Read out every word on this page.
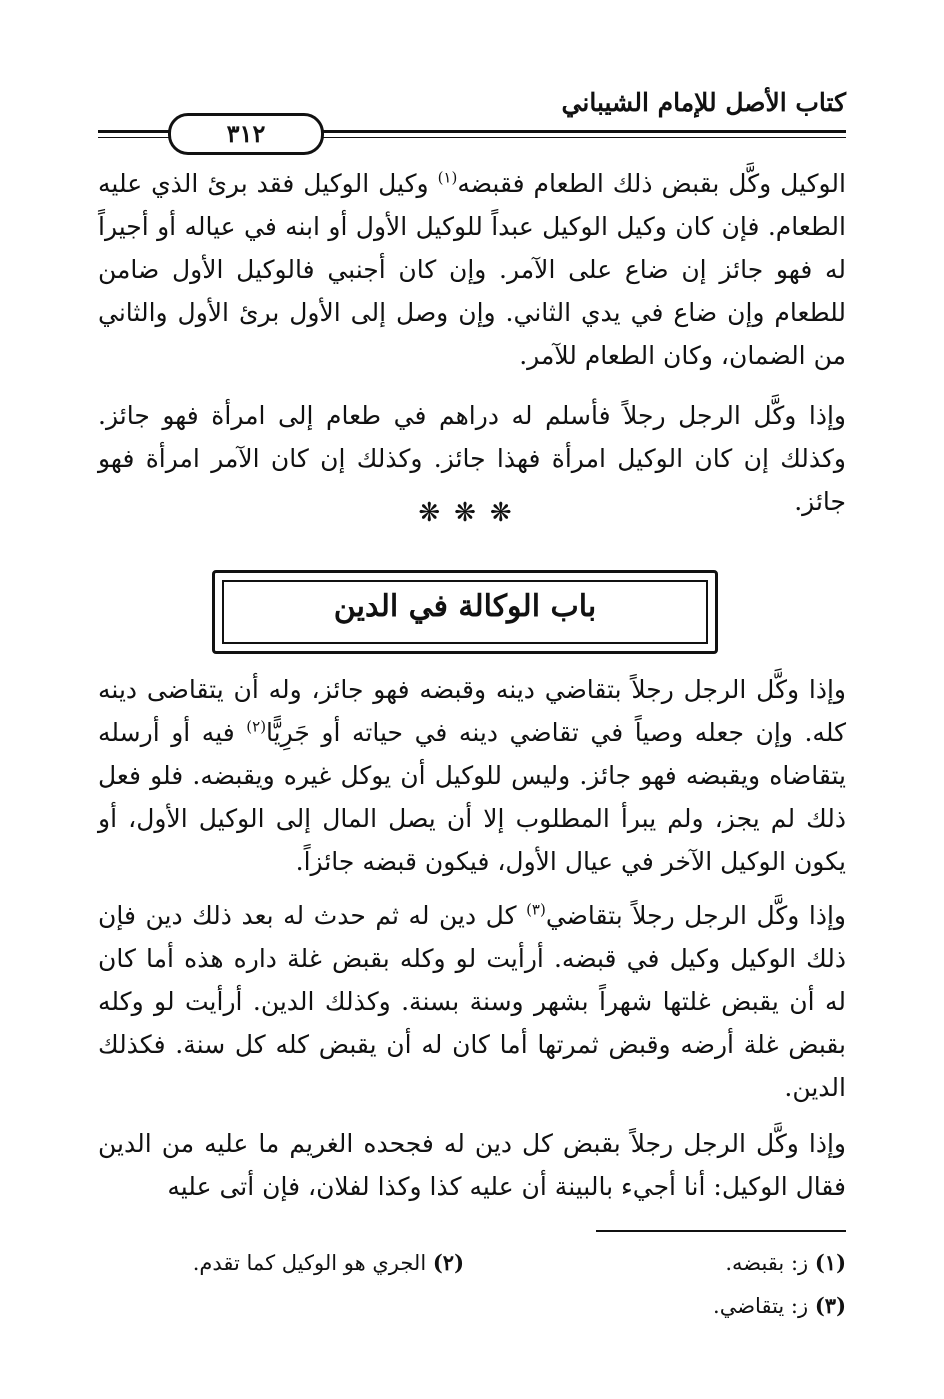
كتاب الأصل للإمام الشيباني
٣١٢
الوكيل وكَّل بقبض ذلك الطعام فقبضه$^{(١)}$ وكيل الوكيل فقد برئ الذي عليه الطعام. فإن كان وكيل الوكيل عبداً للوكيل الأول أو ابنه في عياله أو أجيراً له فهو جائز إن ضاع على الآمر. وإن كان أجنبي فالوكيل الأول ضامن للطعام وإن ضاع في يدي الثاني. وإن وصل إلى الأول برئ الأول والثاني من الضمان، وكان الطعام للآمر.
وإذا وكَّل الرجل رجلاً فأسلم له دراهم في طعام إلى امرأة فهو جائز. وكذلك إن كان الوكيل امرأة فهذا جائز. وكذلك إن كان الآمر امرأة فهو جائز.
❋❋❋
باب الوكالة في الدين
وإذا وكَّل الرجل رجلاً بتقاضي دينه وقبضه فهو جائز، وله أن يتقاضى دينه كله. وإن جعله وصياً في تقاضي دينه في حياته أو جَرِيًّا$^{(٢)}$ فيه أو أرسله يتقاضاه ويقبضه فهو جائز. وليس للوكيل أن يوكل غيره ويقبضه. فلو فعل ذلك لم يجز، ولم يبرأ المطلوب إلا أن يصل المال إلى الوكيل الأول، أو يكون الوكيل الآخر في عيال الأول، فيكون قبضه جائزاً.
وإذا وكَّل الرجل رجلاً بتقاضي$^{(٣)}$ كل دين له ثم حدث له بعد ذلك دين فإن ذلك الوكيل وكيل في قبضه. أرأيت لو وكله بقبض غلة داره هذه أما كان له أن يقبض غلتها شهراً بشهر وسنة بسنة. وكذلك الدين. أرأيت لو وكله بقبض غلة أرضه وقبض ثمرتها أما كان له أن يقبض كله كل سنة. فكذلك الدين.
وإذا وكَّل الرجل رجلاً بقبض كل دين له فجحده الغريم ما عليه من الدين فقال الوكيل: أنا أجيء بالبينة أن عليه كذا وكذا لفلان، فإن أتى عليه
(١) ز: بقبضه.
(٢) الجري هو الوكيل كما تقدم.
(٣) ز: يتقاضي.
